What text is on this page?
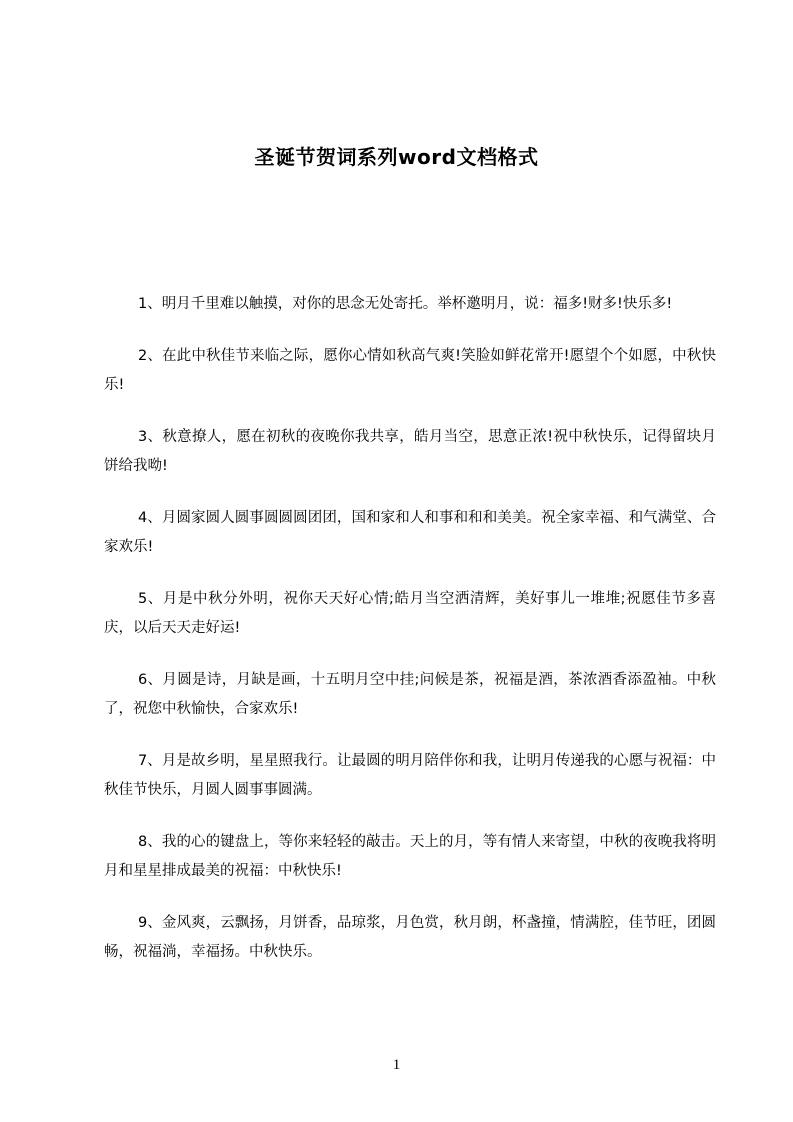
圣诞节贺词系列word文档格式

1、明月千里难以触摸，对你的思念无处寄托。举杯邀明月，说：福多!财多!快乐多!

2、在此中秋佳节来临之际，愿你心情如秋高气爽!笑脸如鲜花常开!愿望个个如愿，中秋快乐!

3、秋意撩人，愿在初秋的夜晚你我共享，皓月当空，思意正浓!祝中秋快乐，记得留块月饼给我呦!

4、月圆家圆人圆事圆圆圆团团，国和家和人和事和和和美美。祝全家幸福、和气满堂、合家欢乐!

5、月是中秋分外明，祝你天天好心情;皓月当空洒清辉，美好事儿一堆堆;祝愿佳节多喜庆，以后天天走好运!

6、月圆是诗，月缺是画，十五明月空中挂;问候是茶，祝福是酒，茶浓酒香添盈袖。中秋了，祝您中秋愉快，合家欢乐!

7、月是故乡明，星星照我行。让最圆的明月陪伴你和我，让明月传递我的心愿与祝福：中秋佳节快乐，月圆人圆事事圆满。

8、我的心的键盘上，等你来轻轻的敲击。天上的月，等有情人来寄望，中秋的夜晚我将明月和星星排成最美的祝福：中秋快乐!

9、金风爽，云飘扬，月饼香，品琼浆，月色赏，秋月朗，杯盏撞，情满腔，佳节旺，团圆畅，祝福淌，幸福扬。中秋快乐。

1
